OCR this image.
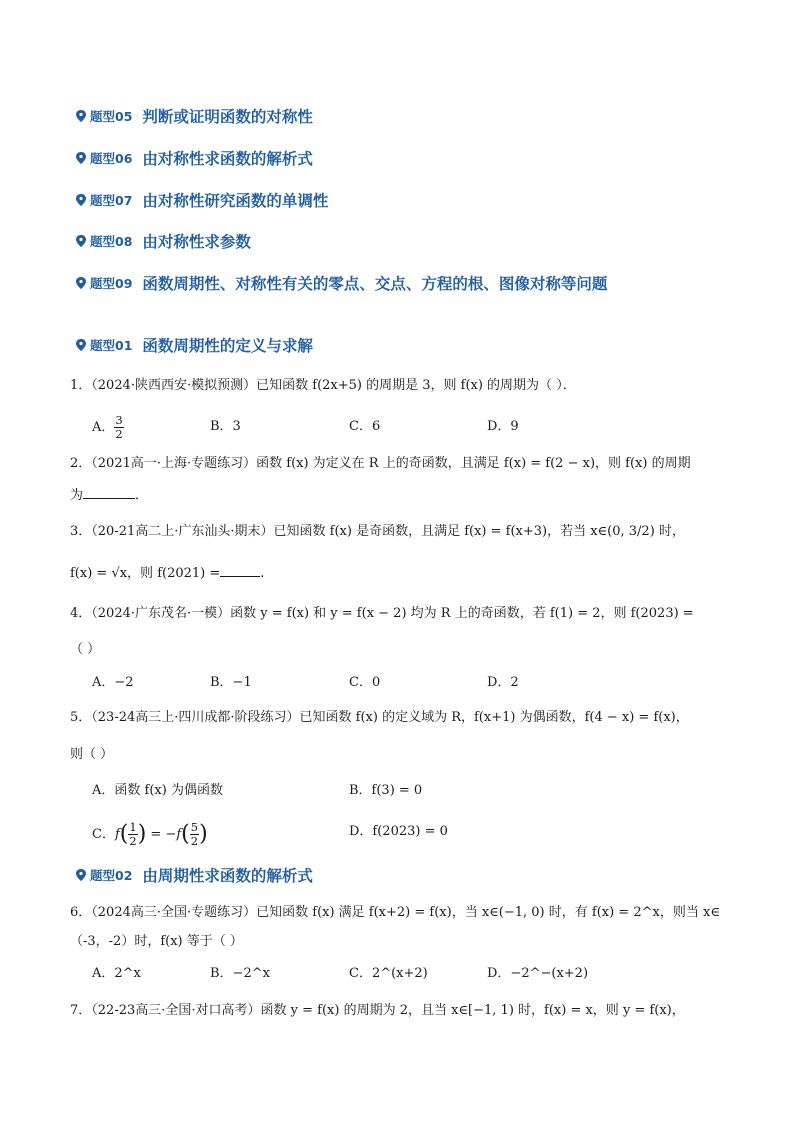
题型05 判断或证明函数的对称性
题型06 由对称性求函数的解析式
题型07 由对称性研究函数的单调性
题型08 由对称性求参数
题型09 函数周期性、对称性有关的零点、交点、方程的根、图像对称等问题
题型01 函数周期性的定义与求解
1．（2024·陕西西安·模拟预测）已知函数 f(2x+5) 的周期是 3，则 f(x) 的周期为（ ）．
A． $\frac{3}{2}$	B．3	C．6	D．9
2．（2021高一·上海·专题练习）函数 f(x) 为定义在 R 上的奇函数，且满足 f(x) = f(2 − x)，则 f(x) 的周期
为	．
3．（20-21高二上·广东汕头·期末）已知函数 f(x) 是奇函数，且满足 f(x) = f(x+3)，若当 x∈(0, 3/2) 时，
f(x) = √x，则 f(2021) =	.
4．（2024·广东茂名·一模）函数 y = f(x) 和 y = f(x − 2) 均为 R 上的奇函数，若 f(1) = 2，则 f(2023) =
（ ）
A．−2	B．−1	C．0	D．2
5．（23-24高三上·四川成都·阶段练习）已知函数 f(x) 的定义域为 R，f(x+1) 为偶函数，f(4 − x) = f(x)，
则（ ）
A．函数 f(x) 为偶函数	B．f(3) = 0
C．$f( \frac{1}{2}$ ) = $-f( \frac{5}{2}$ )	D．f(2023) = 0
题型02 由周期性求函数的解析式
6．（2024高三·全国·专题练习）已知函数 f(x) 满足 f(x+2) = f(x)，当 x∈(−1, 0) 时，有 f(x) = 2^x，则当 x∈
（-3，-2）时，f(x) 等于（ ）
A．2^x	B．−2^x	C．2^(x+2)	D．−2^−(x+2)
7．（22-23高三·全国·对口高考）函数 y = f(x) 的周期为 2，且当 x∈[−1, 1) 时，f(x) = x，则 y = f(x)，
